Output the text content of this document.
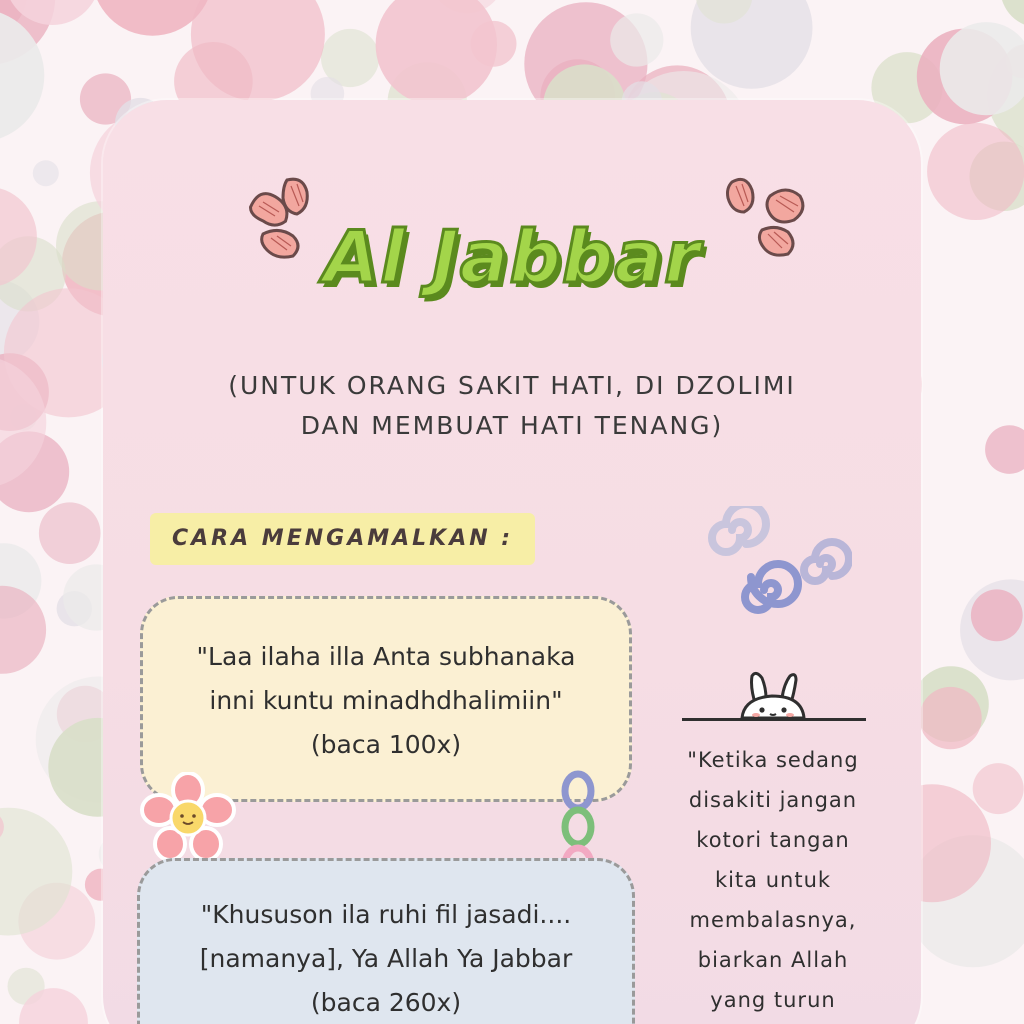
Al Jabbar
(UNTUK ORANG SAKIT HATI, DI DZOLIMI
DAN MEMBUAT HATI TENANG)
CARA MENGAMALKAN :
"Laa ilaha illa Anta subhanaka
inni kuntu minadhdhalimiin"
(baca 100x)
"Khususon ila ruhi fil jasadi....
[namanya], Ya Allah Ya Jabbar
(baca 260x)
"Ketika sedang
disakiti jangan
kotori tangan
kita untuk
membalasnya,
biarkan Allah
yang turun
